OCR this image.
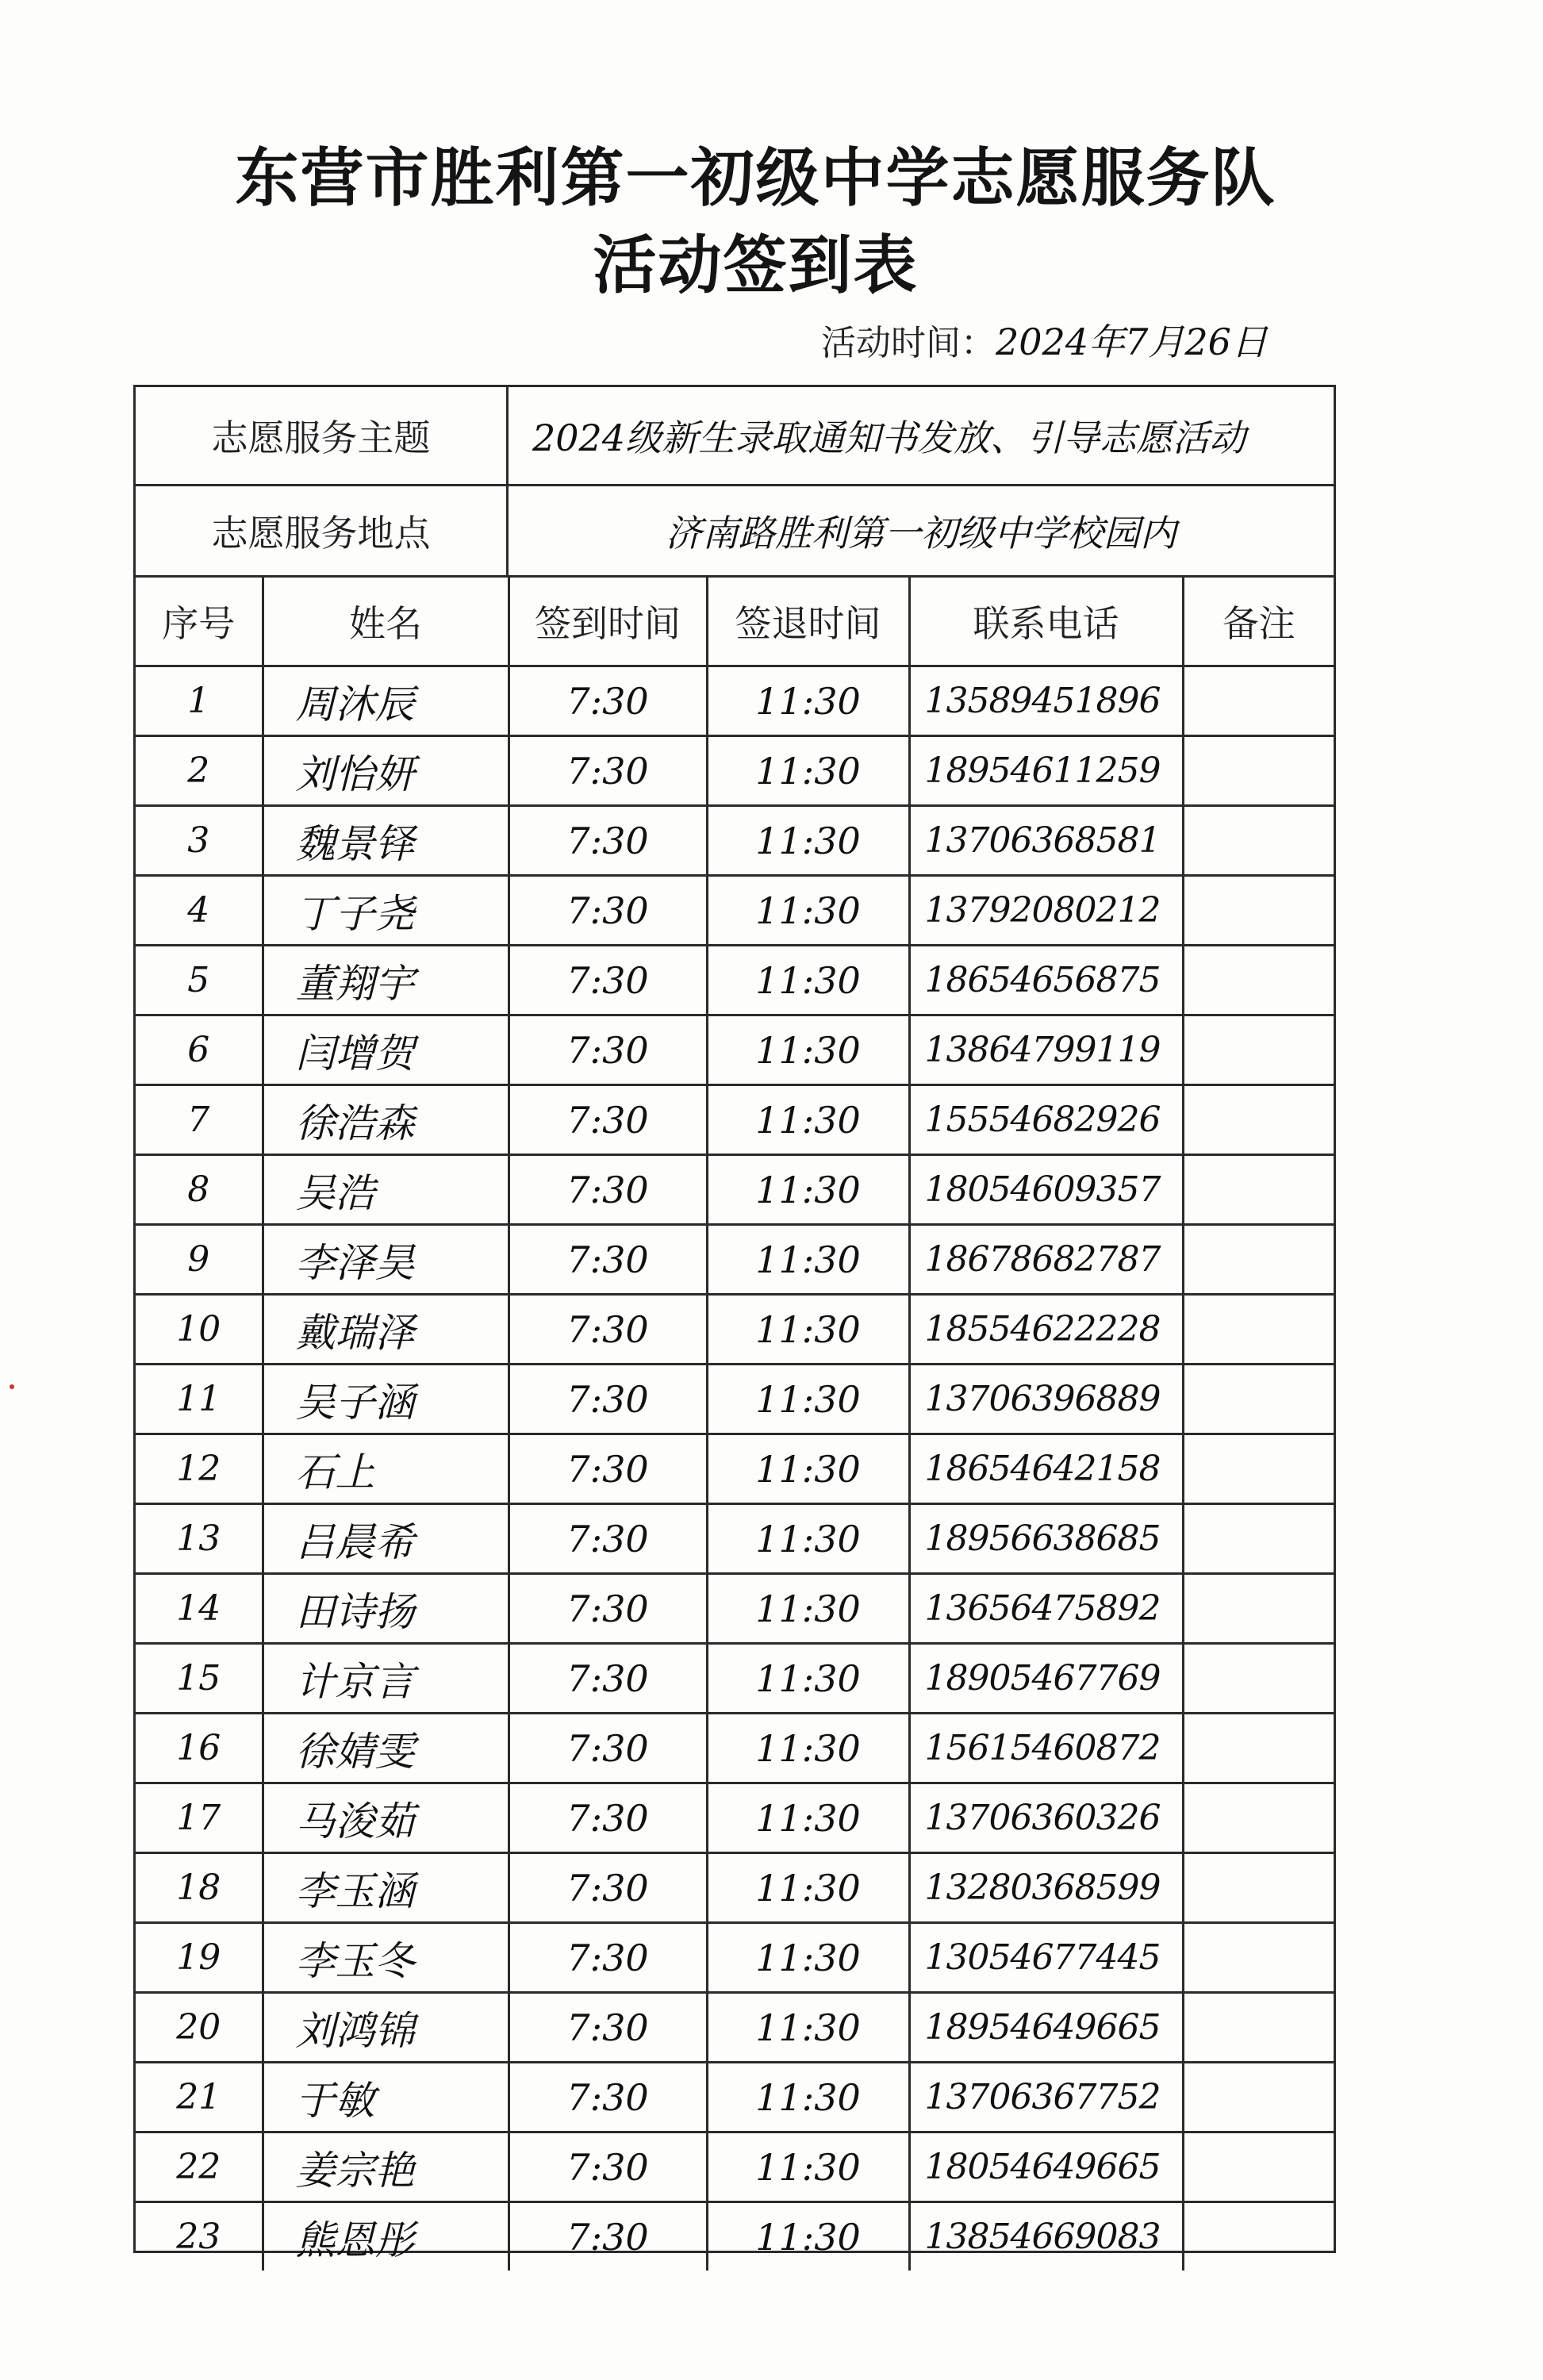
东营市胜利第一初级中学志愿服务队
活动签到表
活动时间：2024年7月26日
志愿服务主题	2024级新生录取通知书发放、引导志愿活动
志愿服务地点	济南路胜利第一初级中学校园内
序号	姓名	签到时间	签退时间	联系电话	备注
1	周沐辰	7:30	11:30	13589451896	
2	刘怡妍	7:30	11:30	18954611259	
3	魏景铎	7:30	11:30	13706368581	
4	丁子尧	7:30	11:30	13792080212	
5	董翔宇	7:30	11:30	18654656875	
6	闫增贺	7:30	11:30	13864799119	
7	徐浩森	7:30	11:30	15554682926	
8	吴浩	7:30	11:30	18054609357	
9	李泽昊	7:30	11:30	18678682787	
10	戴瑞泽	7:30	11:30	18554622228	
11	吴子涵	7:30	11:30	13706396889	
12	石上	7:30	11:30	18654642158	
13	吕晨希	7:30	11:30	18956638685	
14	田诗扬	7:30	11:30	13656475892	
15	计京言	7:30	11:30	18905467769	
16	徐婧雯	7:30	11:30	15615460872	
17	马浚茹	7:30	11:30	13706360326	
18	李玉涵	7:30	11:30	13280368599	
19	李玉冬	7:30	11:30	13054677445	
20	刘鸿锦	7:30	11:30	18954649665	
21	于敏	7:30	11:30	13706367752	
22	姜宗艳	7:30	11:30	18054649665	
23	熊恩彤	7:30	11:30	13854669083	
